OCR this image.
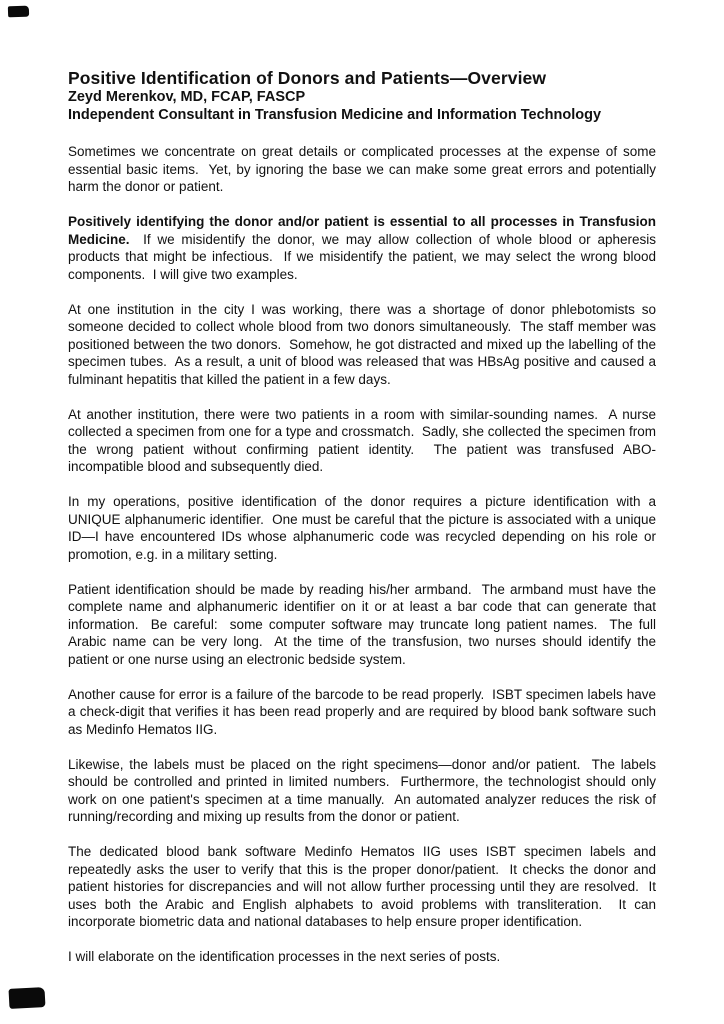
Positive Identification of Donors and Patients—Overview
Zeyd Merenkov, MD, FCAP, FASCP
Independent Consultant in Transfusion Medicine and Information Technology

Sometimes we concentrate on great details or complicated processes at the expense of some essential basic items.  Yet, by ignoring the base we can make some great errors and potentially harm the donor or patient.

Positively identifying the donor and/or patient is essential to all processes in Transfusion Medicine.  If we misidentify the donor, we may allow collection of whole blood or apheresis products that might be infectious.  If we misidentify the patient, we may select the wrong blood components.  I will give two examples.

At one institution in the city I was working, there was a shortage of donor phlebotomists so someone decided to collect whole blood from two donors simultaneously.  The staff member was positioned between the two donors.  Somehow, he got distracted and mixed up the labelling of the specimen tubes.  As a result, a unit of blood was released that was HBsAg positive and caused a fulminant hepatitis that killed the patient in a few days.

At another institution, there were two patients in a room with similar-sounding names.  A nurse collected a specimen from one for a type and crossmatch.  Sadly, she collected the specimen from the wrong patient without confirming patient identity.  The patient was transfused ABO-incompatible blood and subsequently died.

In my operations, positive identification of the donor requires a picture identification with a UNIQUE alphanumeric identifier.  One must be careful that the picture is associated with a unique ID—I have encountered IDs whose alphanumeric code was recycled depending on his role or promotion, e.g. in a military setting.

Patient identification should be made by reading his/her armband.  The armband must have the complete name and alphanumeric identifier on it or at least a bar code that can generate that information.  Be careful:  some computer software may truncate long patient names.  The full Arabic name can be very long.  At the time of the transfusion, two nurses should identify the patient or one nurse using an electronic bedside system.

Another cause for error is a failure of the barcode to be read properly.  ISBT specimen labels have a check-digit that verifies it has been read properly and are required by blood bank software such as Medinfo Hematos IIG.

Likewise, the labels must be placed on the right specimens—donor and/or patient.  The labels should be controlled and printed in limited numbers.  Furthermore, the technologist should only work on one patient's specimen at a time manually.  An automated analyzer reduces the risk of running/recording and mixing up results from the donor or patient.

The dedicated blood bank software Medinfo Hematos IIG uses ISBT specimen labels and repeatedly asks the user to verify that this is the proper donor/patient.  It checks the donor and patient histories for discrepancies and will not allow further processing until they are resolved.  It uses both the Arabic and English alphabets to avoid problems with transliteration.  It can incorporate biometric data and national databases to help ensure proper identification.

I will elaborate on the identification processes in the next series of posts.
